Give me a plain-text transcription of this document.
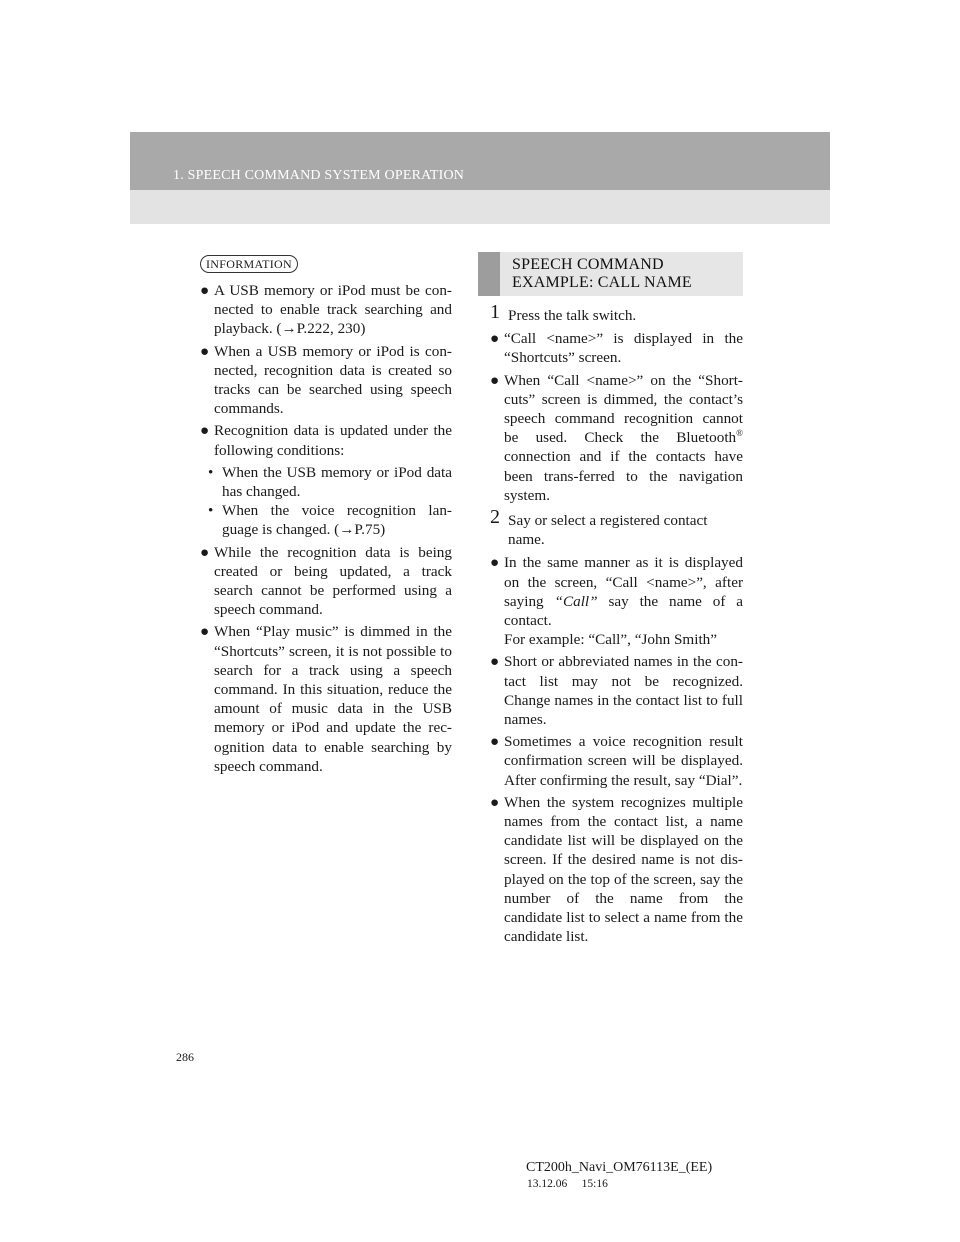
1. SPEECH COMMAND SYSTEM OPERATION
INFORMATION
● A USB memory or iPod must be con-nected to enable track searching and playback. (→P.222, 230)
● When a USB memory or iPod is con-nected, recognition data is created so tracks can be searched using speech commands.
● Recognition data is updated under the following conditions:
• When the USB memory or iPod data has changed.
• When the voice recognition lan-guage is changed. (→P.75)
● While the recognition data is being created or being updated, a track search cannot be performed using a speech command.
● When “Play music” is dimmed in the “Shortcuts” screen, it is not possible to search for a track using a speech command. In this situation, reduce the amount of music data in the USB memory or iPod and update the rec-ognition data to enable searching by speech command.
SPEECH COMMAND
EXAMPLE: CALL NAME
1 Press the talk switch.
● “Call <name>” is displayed in the “Shortcuts” screen.
● When “Call <name>” on the “Short-cuts” screen is dimmed, the contact’s speech command recognition cannot be used. Check the Bluetooth® connection and if the contacts have been trans-ferred to the navigation system.
2 Say or select a registered contact name.
● In the same manner as it is displayed on the screen, “Call <name>”, after saying “Call” say the name of a contact.
For example: “Call”, “John Smith”
● Short or abbreviated names in the con-tact list may not be recognized. Change names in the contact list to full names.
● Sometimes a voice recognition result confirmation screen will be displayed. After confirming the result, say “Dial”.
● When the system recognizes multiple names from the contact list, a name candidate list will be displayed on the screen. If the desired name is not dis-played on the top of the screen, say the number of the name from the candidate list to select a name from the candidate list.
286
CT200h_Navi_OM76113E_(EE)
13.12.06     15:16
